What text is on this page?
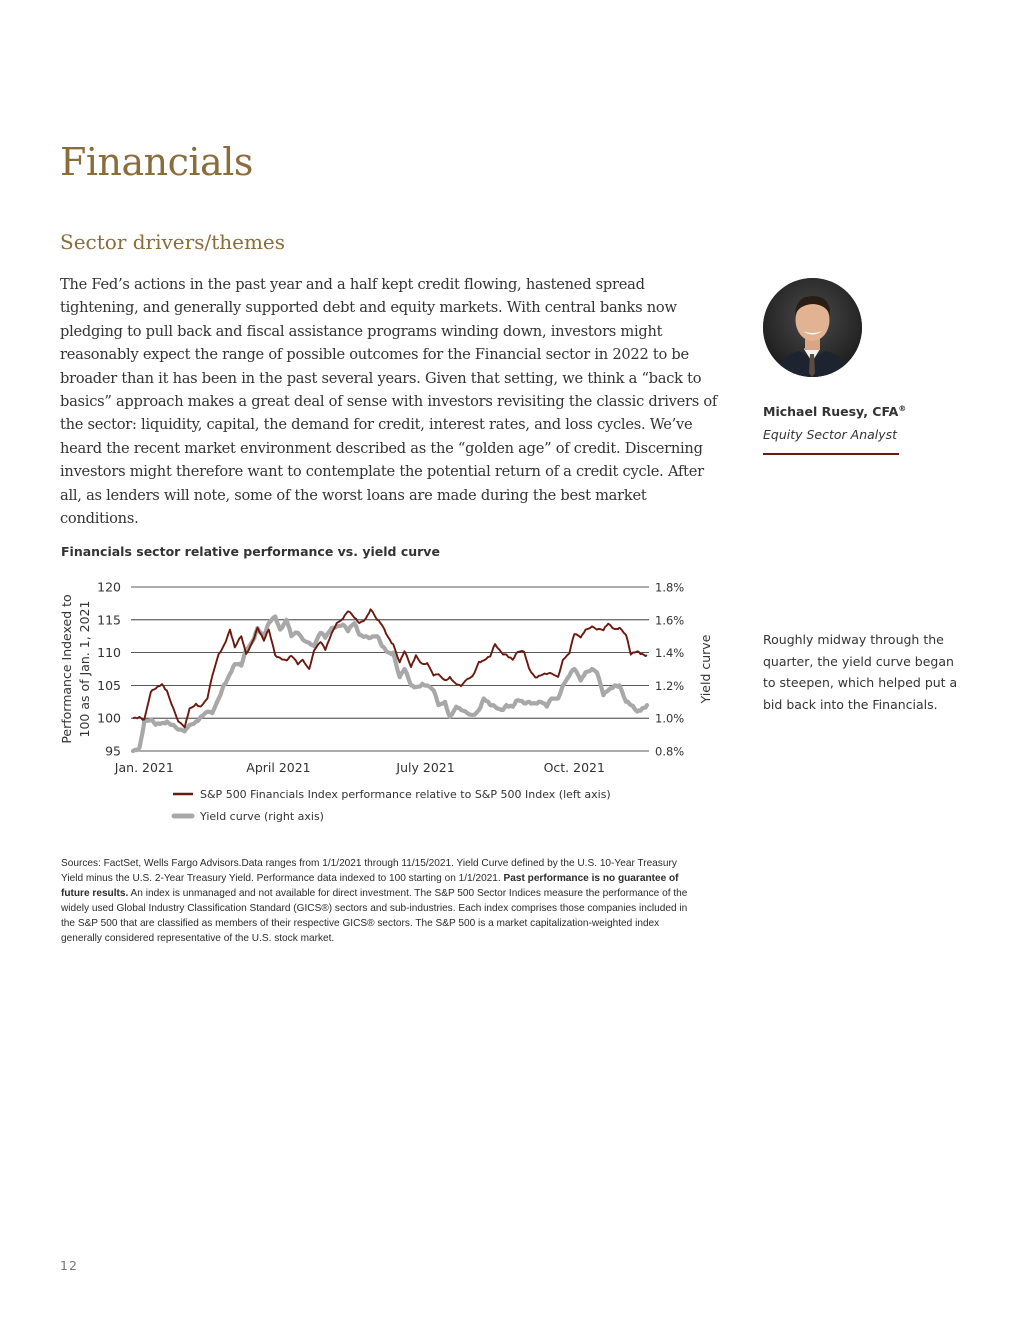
Financials
Sector drivers/themes

The Fed’s actions in the past year and a half kept credit flowing, hastened spread tightening, and generally supported debt and equity markets. With central banks now pledging to pull back and fiscal assistance programs winding down, investors might reasonably expect the range of possible outcomes for the Financial sector in 2022 to be broader than it has been in the past several years. Given that setting, we think a “back to basics” approach makes a great deal of sense with investors revisiting the classic drivers of the sector: liquidity, capital, the demand for credit, interest rates, and loss cycles. We’ve heard the recent market environment described as the “golden age” of credit. Discerning investors might therefore want to contemplate the potential return of a credit cycle. After all, as lenders will note, some of the worst loans are made during the best market conditions.

Michael Ruesy, CFA®
Equity Sector Analyst
Financials sector relative performance vs. yield curve
120	1.8%
115	1.6%
110	1.4%
105	1.2%
100	1.0%
95	0.8%
Jan. 2021	April 2021	July 2021	Oct. 2021
Performance Indexed to 100 as of Jan. 1, 2021	Yield curve
S&P 500 Financials Index performance relative to S&P 500 Index (left axis)
Yield curve (right axis)
Roughly midway through the quarter, the yield curve began to steepen, which helped put a bid back into the Financials.
Sources: FactSet, Wells Fargo Advisors.Data ranges from 1/1/2021 through 11/15/2021. Yield Curve defined by the U.S. 10-Year Treasury Yield minus the U.S. 2-Year Treasury Yield. Performance data indexed to 100 starting on 1/1/2021. Past performance is no guarantee of future results. An index is unmanaged and not available for direct investment. The S&P 500 Sector Indices measure the performance of the widely used Global Industry Classification Standard (GICS®) sectors and sub-industries. Each index comprises those companies included in the S&P 500 that are classified as members of their respective GICS® sectors. The S&P 500 is a market capitalization-weighted index generally considered representative of the U.S. stock market.
12
